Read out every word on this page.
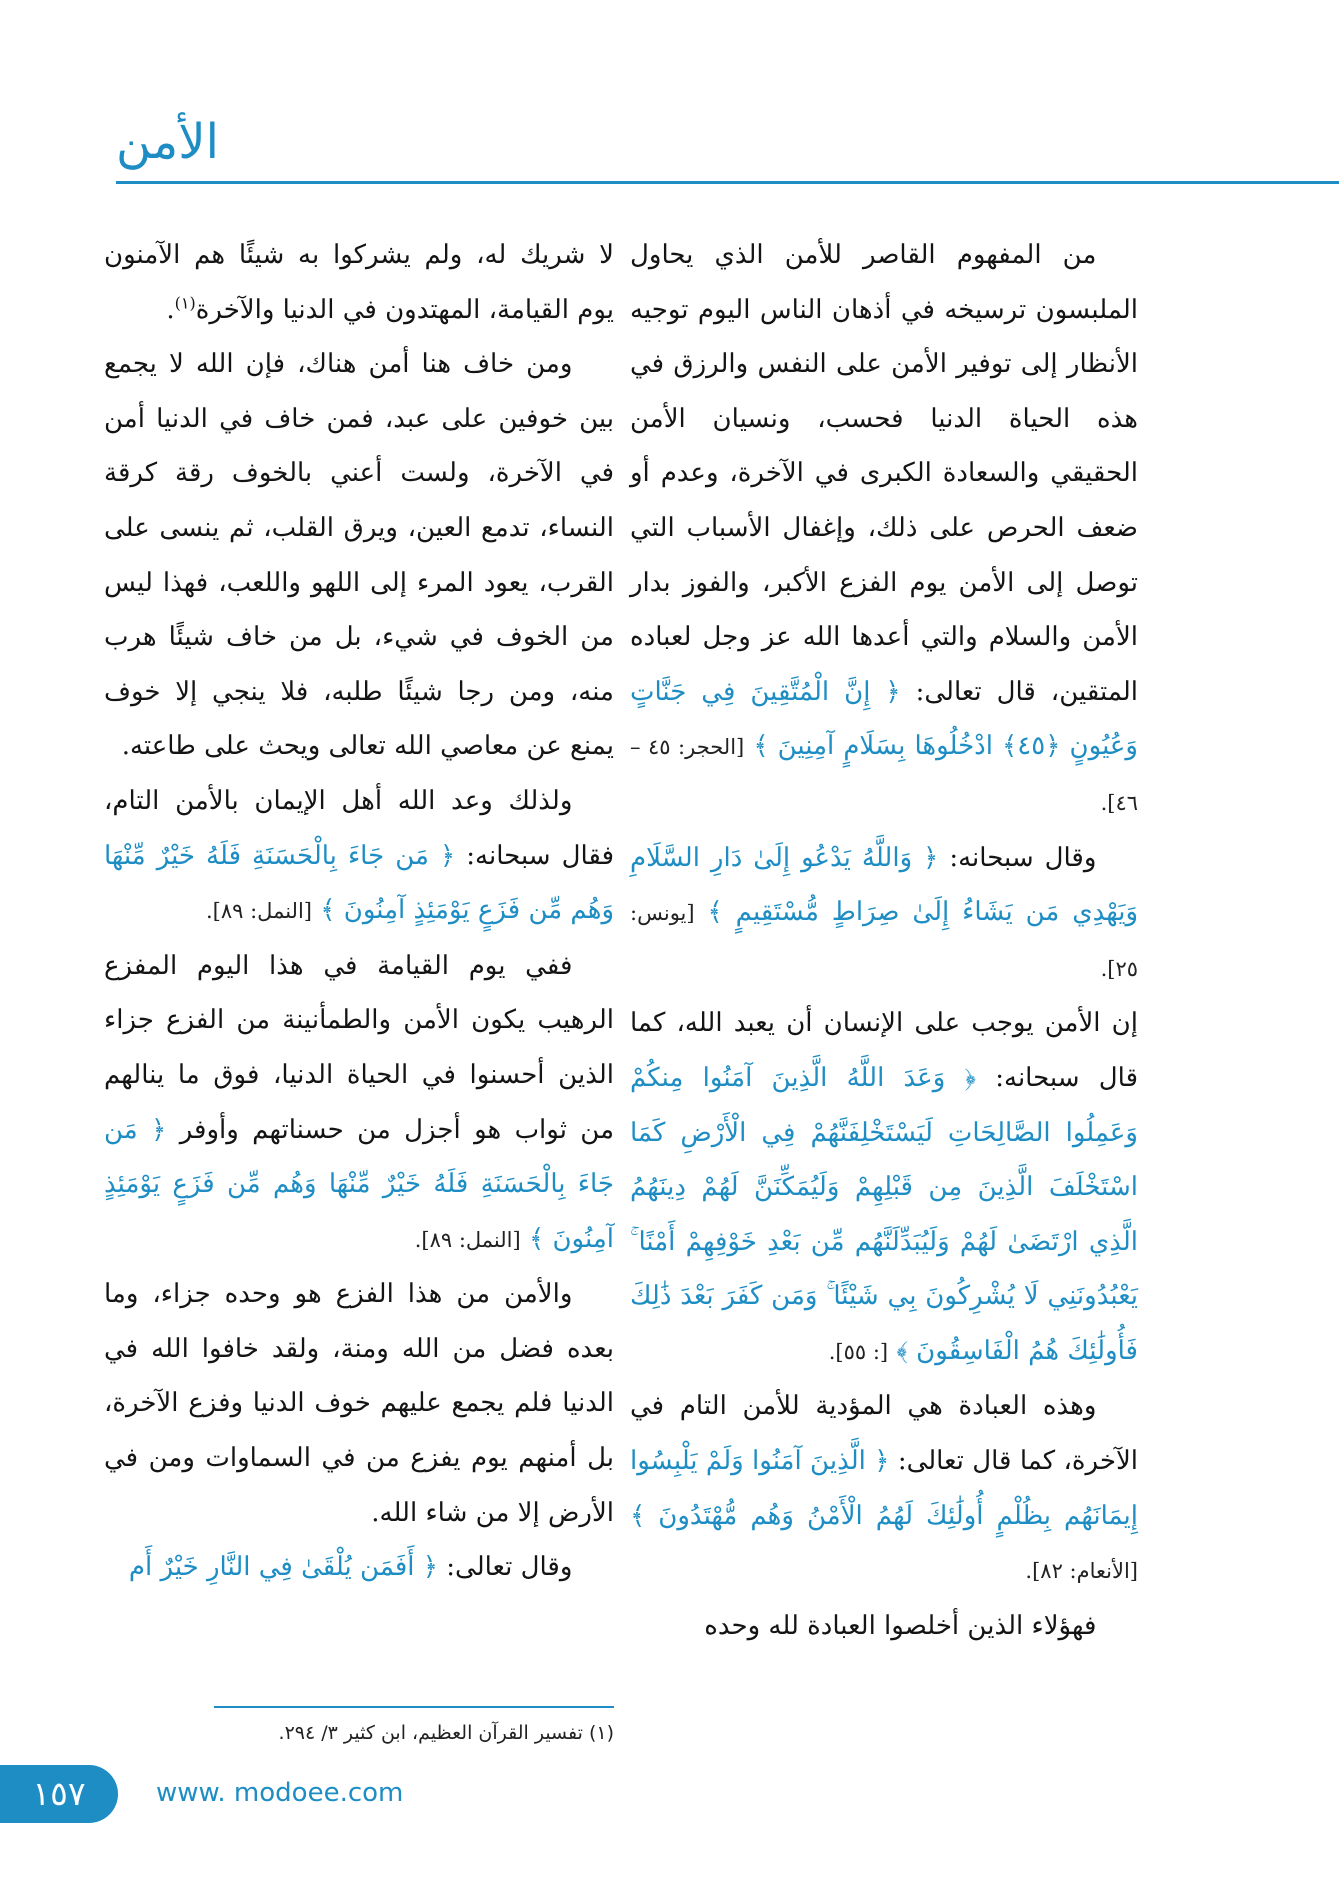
الأمن

من المفهوم القاصر للأمن الذي يحاول الملبسون ترسيخه في أذهان الناس اليوم توجيه الأنظار إلى توفير الأمن على النفس والرزق في هذه الحياة الدنيا فحسب، ونسيان الأمن الحقيقي والسعادة الكبرى في الآخرة، وعدم أو ضعف الحرص على ذلك، وإغفال الأسباب التي توصل إلى الأمن يوم الفزع الأكبر، والفوز بدار الأمن والسلام والتي أعدها الله عز وجل لعباده المتقين، قال تعالى: ﴿ إِنَّ الْمُتَّقِينَ فِي جَنَّاتٍ وَعُيُونٍ ﴿٤٥﴾ ادْخُلُوهَا بِسَلَامٍ آمِنِينَ ﴾ [الحجر: ٤٥ – ٤٦].

وقال سبحانه: ﴿ وَاللَّهُ يَدْعُو إِلَىٰ دَارِ السَّلَامِ وَيَهْدِي مَن يَشَاءُ إِلَىٰ صِرَاطٍ مُّسْتَقِيمٍ ﴾ [يونس: ٢٥].

إن الأمن يوجب على الإنسان أن يعبد الله، كما قال سبحانه: ﴿ وَعَدَ اللَّهُ الَّذِينَ آمَنُوا مِنكُمْ وَعَمِلُوا الصَّالِحَاتِ لَيَسْتَخْلِفَنَّهُمْ فِي الْأَرْضِ كَمَا اسْتَخْلَفَ الَّذِينَ مِن قَبْلِهِمْ وَلَيُمَكِّنَنَّ لَهُمْ دِينَهُمُ الَّذِي ارْتَضَىٰ لَهُمْ وَلَيُبَدِّلَنَّهُم مِّن بَعْدِ خَوْفِهِمْ أَمْنًا ۚ يَعْبُدُونَنِي لَا يُشْرِكُونَ بِي شَيْئًا ۚ وَمَن كَفَرَ بَعْدَ ذَٰلِكَ فَأُولَٰئِكَ هُمُ الْفَاسِقُونَ ﴾ [: ٥٥].

وهذه العبادة هي المؤدية للأمن التام في الآخرة، كما قال تعالى: ﴿ الَّذِينَ آمَنُوا وَلَمْ يَلْبِسُوا إِيمَانَهُم بِظُلْمٍ أُولَٰئِكَ لَهُمُ الْأَمْنُ وَهُم مُّهْتَدُونَ ﴾ [الأنعام: ٨٢].

فهؤلاء الذين أخلصوا العبادة لله وحده

لا شريك له، ولم يشركوا به شيئًا هم الآمنون يوم القيامة، المهتدون في الدنيا والآخرة$^{(١)}$.

ومن خاف هنا أمن هناك، فإن الله لا يجمع بين خوفين على عبد، فمن خاف في الدنيا أمن في الآخرة، ولست أعني بالخوف رقة كرقة النساء، تدمع العين، ويرق القلب، ثم ينسى على القرب، يعود المرء إلى اللهو واللعب، فهذا ليس من الخوف في شيء، بل من خاف شيئًا هرب منه، ومن رجا شيئًا طلبه، فلا ينجي إلا خوف يمنع عن معاصي الله تعالى ويحث على طاعته.

ولذلك وعد الله أهل الإيمان بالأمن التام، فقال سبحانه: ﴿ مَن جَاءَ بِالْحَسَنَةِ فَلَهُ خَيْرٌ مِّنْهَا وَهُم مِّن فَزَعٍ يَوْمَئِذٍ آمِنُونَ ﴾ [النمل: ٨٩].

ففي يوم القيامة في هذا اليوم المفزع الرهيب يكون الأمن والطمأنينة من الفزع جزاء الذين أحسنوا في الحياة الدنيا، فوق ما ينالهم من ثواب هو أجزل من حسناتهم وأوفر ﴿ مَن جَاءَ بِالْحَسَنَةِ فَلَهُ خَيْرٌ مِّنْهَا وَهُم مِّن فَزَعٍ يَوْمَئِذٍ آمِنُونَ ﴾ [النمل: ٨٩].

والأمن من هذا الفزع هو وحده جزاء، وما بعده فضل من الله ومنة، ولقد خافوا الله في الدنيا فلم يجمع عليهم خوف الدنيا وفزع الآخرة، بل أمنهم يوم يفزع من في السماوات ومن في الأرض إلا من شاء الله.

وقال تعالى: ﴿ أَفَمَن يُلْقَىٰ فِي النَّارِ خَيْرٌ أَم

(١) تفسير القرآن العظيم، ابن كثير ٣/ ٢٩٤.
١٥٧	www. modoee.com
